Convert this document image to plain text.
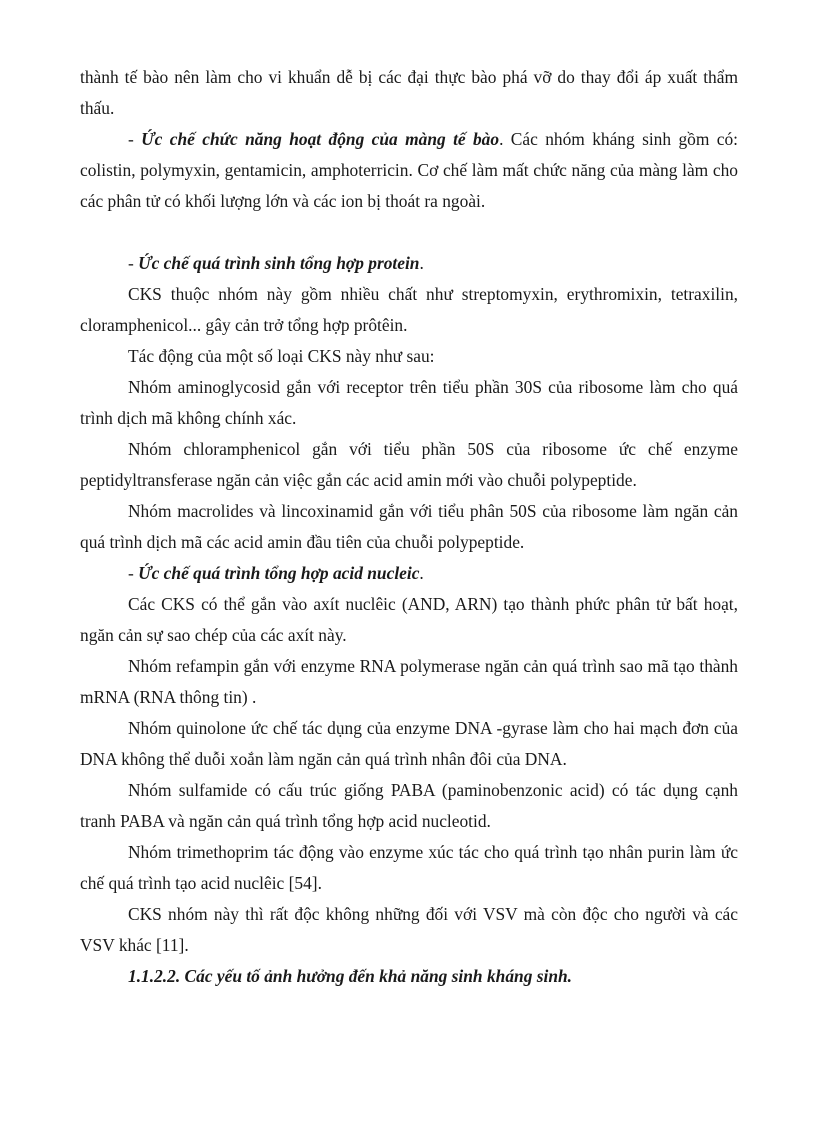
thành tế bào nên làm cho vi khuẩn dễ bị các đại thực bào phá vỡ do thay đổi áp xuất thẩm thấu.

- Ức chế chức năng hoạt động của màng tế bào. Các nhóm kháng sinh gồm có: colistin, polymyxin, gentamicin, amphoterricin. Cơ chế làm mất chức năng của màng làm cho các phân tử có khối lượng lớn và các ion bị thoát ra ngoài.

- Ức chế quá trình sinh tổng hợp protein.

CKS thuộc nhóm này gồm nhiều chất như streptomyxin, erythromixin, tetraxilin, cloramphenicol... gây cản trở tổng hợp prôtêin.

Tác động của một số loại CKS này như sau:

Nhóm aminoglycosid gắn với receptor trên tiểu phần 30S của ribosome làm cho quá trình dịch mã không chính xác.

Nhóm chloramphenicol gắn với tiểu phần 50S của ribosome ức chế enzyme peptidyltransferase ngăn cản việc gắn các acid amin mới vào chuỗi polypeptide.

Nhóm macrolides và lincoxinamid gắn với tiểu phân 50S của ribosome làm ngăn cản quá trình dịch mã các acid amin đầu tiên của chuỗi polypeptide.

- Ức chế quá trình tổng hợp acid nucleic.

Các CKS có thể gắn vào axít nuclêic (AND, ARN) tạo thành phức phân tử bất hoạt, ngăn cản sự sao chép của các axít này.

Nhóm refampin gắn với enzyme RNA polymerase ngăn cản quá trình sao mã tạo thành mRNA (RNA thông tin) .

Nhóm quinolone ức chế tác dụng của enzyme DNA -gyrase làm cho hai mạch đơn của DNA không thể duỗi xoắn làm ngăn cản quá trình nhân đôi của DNA.

Nhóm sulfamide có cấu trúc giống PABA (paminobenzonic acid) có tác dụng cạnh tranh PABA và ngăn cản quá trình tổng hợp acid nucleotid.

Nhóm trimethoprim tác động vào enzyme xúc tác cho quá trình tạo nhân purin làm ức chế quá trình tạo acid nuclêic [54].

CKS nhóm này thì rất độc không những đối với VSV mà còn độc cho người và các VSV khác [11].

1.1.2.2. Các yếu tố ảnh hưởng đến khả năng sinh kháng sinh.
